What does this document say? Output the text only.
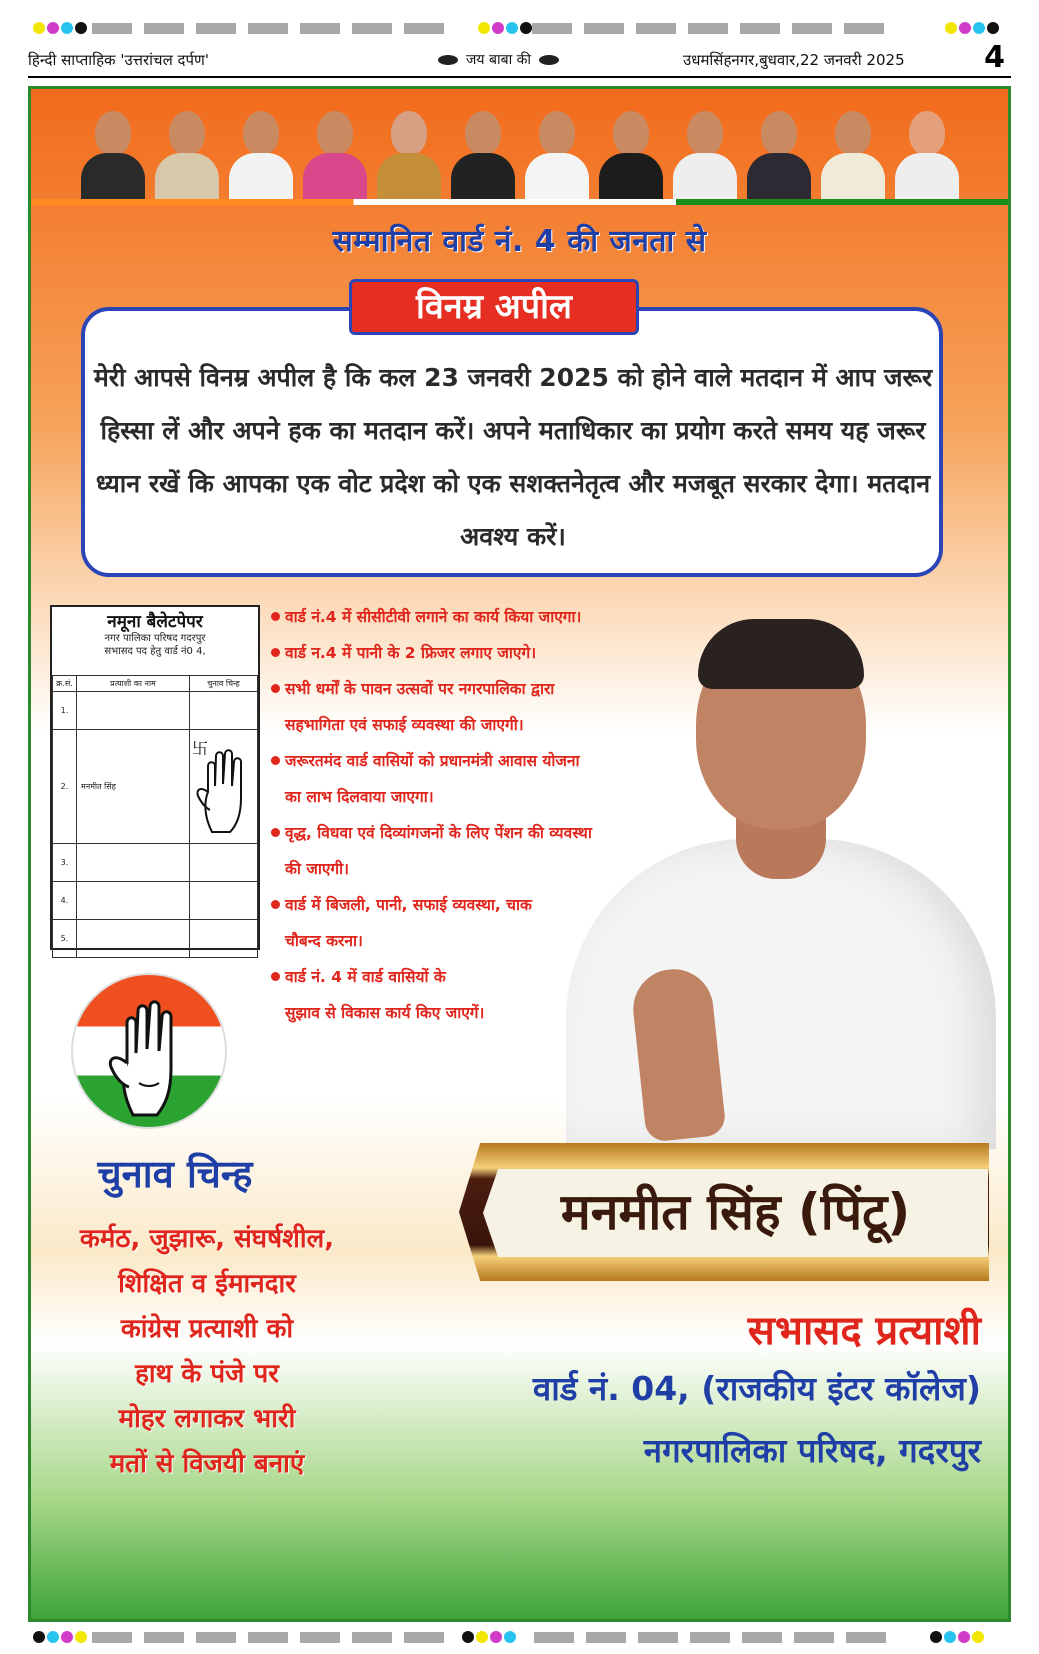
हिन्दी साप्ताहिक 'उत्तरांचल दर्पण'	जय बाबा की	उधमसिंहनगर,बुधवार,22 जनवरी 2025	4
सम्मानित वार्ड नं. 4 की जनता से
विनम्र अपील
मेरी आपसे विनम्र अपील है कि कल 23 जनवरी 2025 को होने वाले मतदान में आप जरूर हिस्सा लें और अपने हक का मतदान करें। अपने मताधिकार का प्रयोग करते समय यह जरूर ध्यान रखें कि आपका एक वोट प्रदेश को एक सशक्तनेतृत्व और मजबूत सरकार देगा। मतदान अवश्य करें।
नमूना बैलेटपेपर
नगर पालिका परिषद गदरपुर
सभासद पद हेतु वार्ड नं0 4,
क्र.सं.	प्रत्याशी का नाम	चुनाव चिन्ह
1.		
2.	मनमीत सिंह	卐

3.		
4.		
5.		
वार्ड नं.4 में सीसीटीवी लगाने का कार्य किया जाएगा।
वार्ड न.4 में पानी के 2 फ्रिजर लगाए जाएगे।
सभी धर्मों के पावन उत्सवों पर नगरपालिका द्वारा सहभागिता एवं सफाई व्यवस्था की जाएगी।
जरूरतमंद वार्ड वासियों को प्रधानमंत्री आवास योजना का लाभ दिलवाया जाएगा।
वृद्ध, विधवा एवं दिव्यांगजनों के लिए पेंशन की व्यवस्था की जाएगी।
वार्ड में बिजली, पानी, सफाई व्यवस्था, चाक चौबन्द करना।
वार्ड नं. 4 में वार्ड वासियों के सुझाव से विकास कार्य किए जाएगें।
चुनाव चिन्ह
कर्मठ, जुझारू, संघर्षशील,
शिक्षित व ईमानदार
कांग्रेस प्रत्याशी को
हाथ के पंजे पर
मोहर लगाकर भारी
मतों से विजयी बनाएं
मनमीत सिंह (पिंटू)
सभासद प्रत्याशी
वार्ड नं. 04, (राजकीय इंटर कॉलेज)
नगरपालिका परिषद, गदरपुर
